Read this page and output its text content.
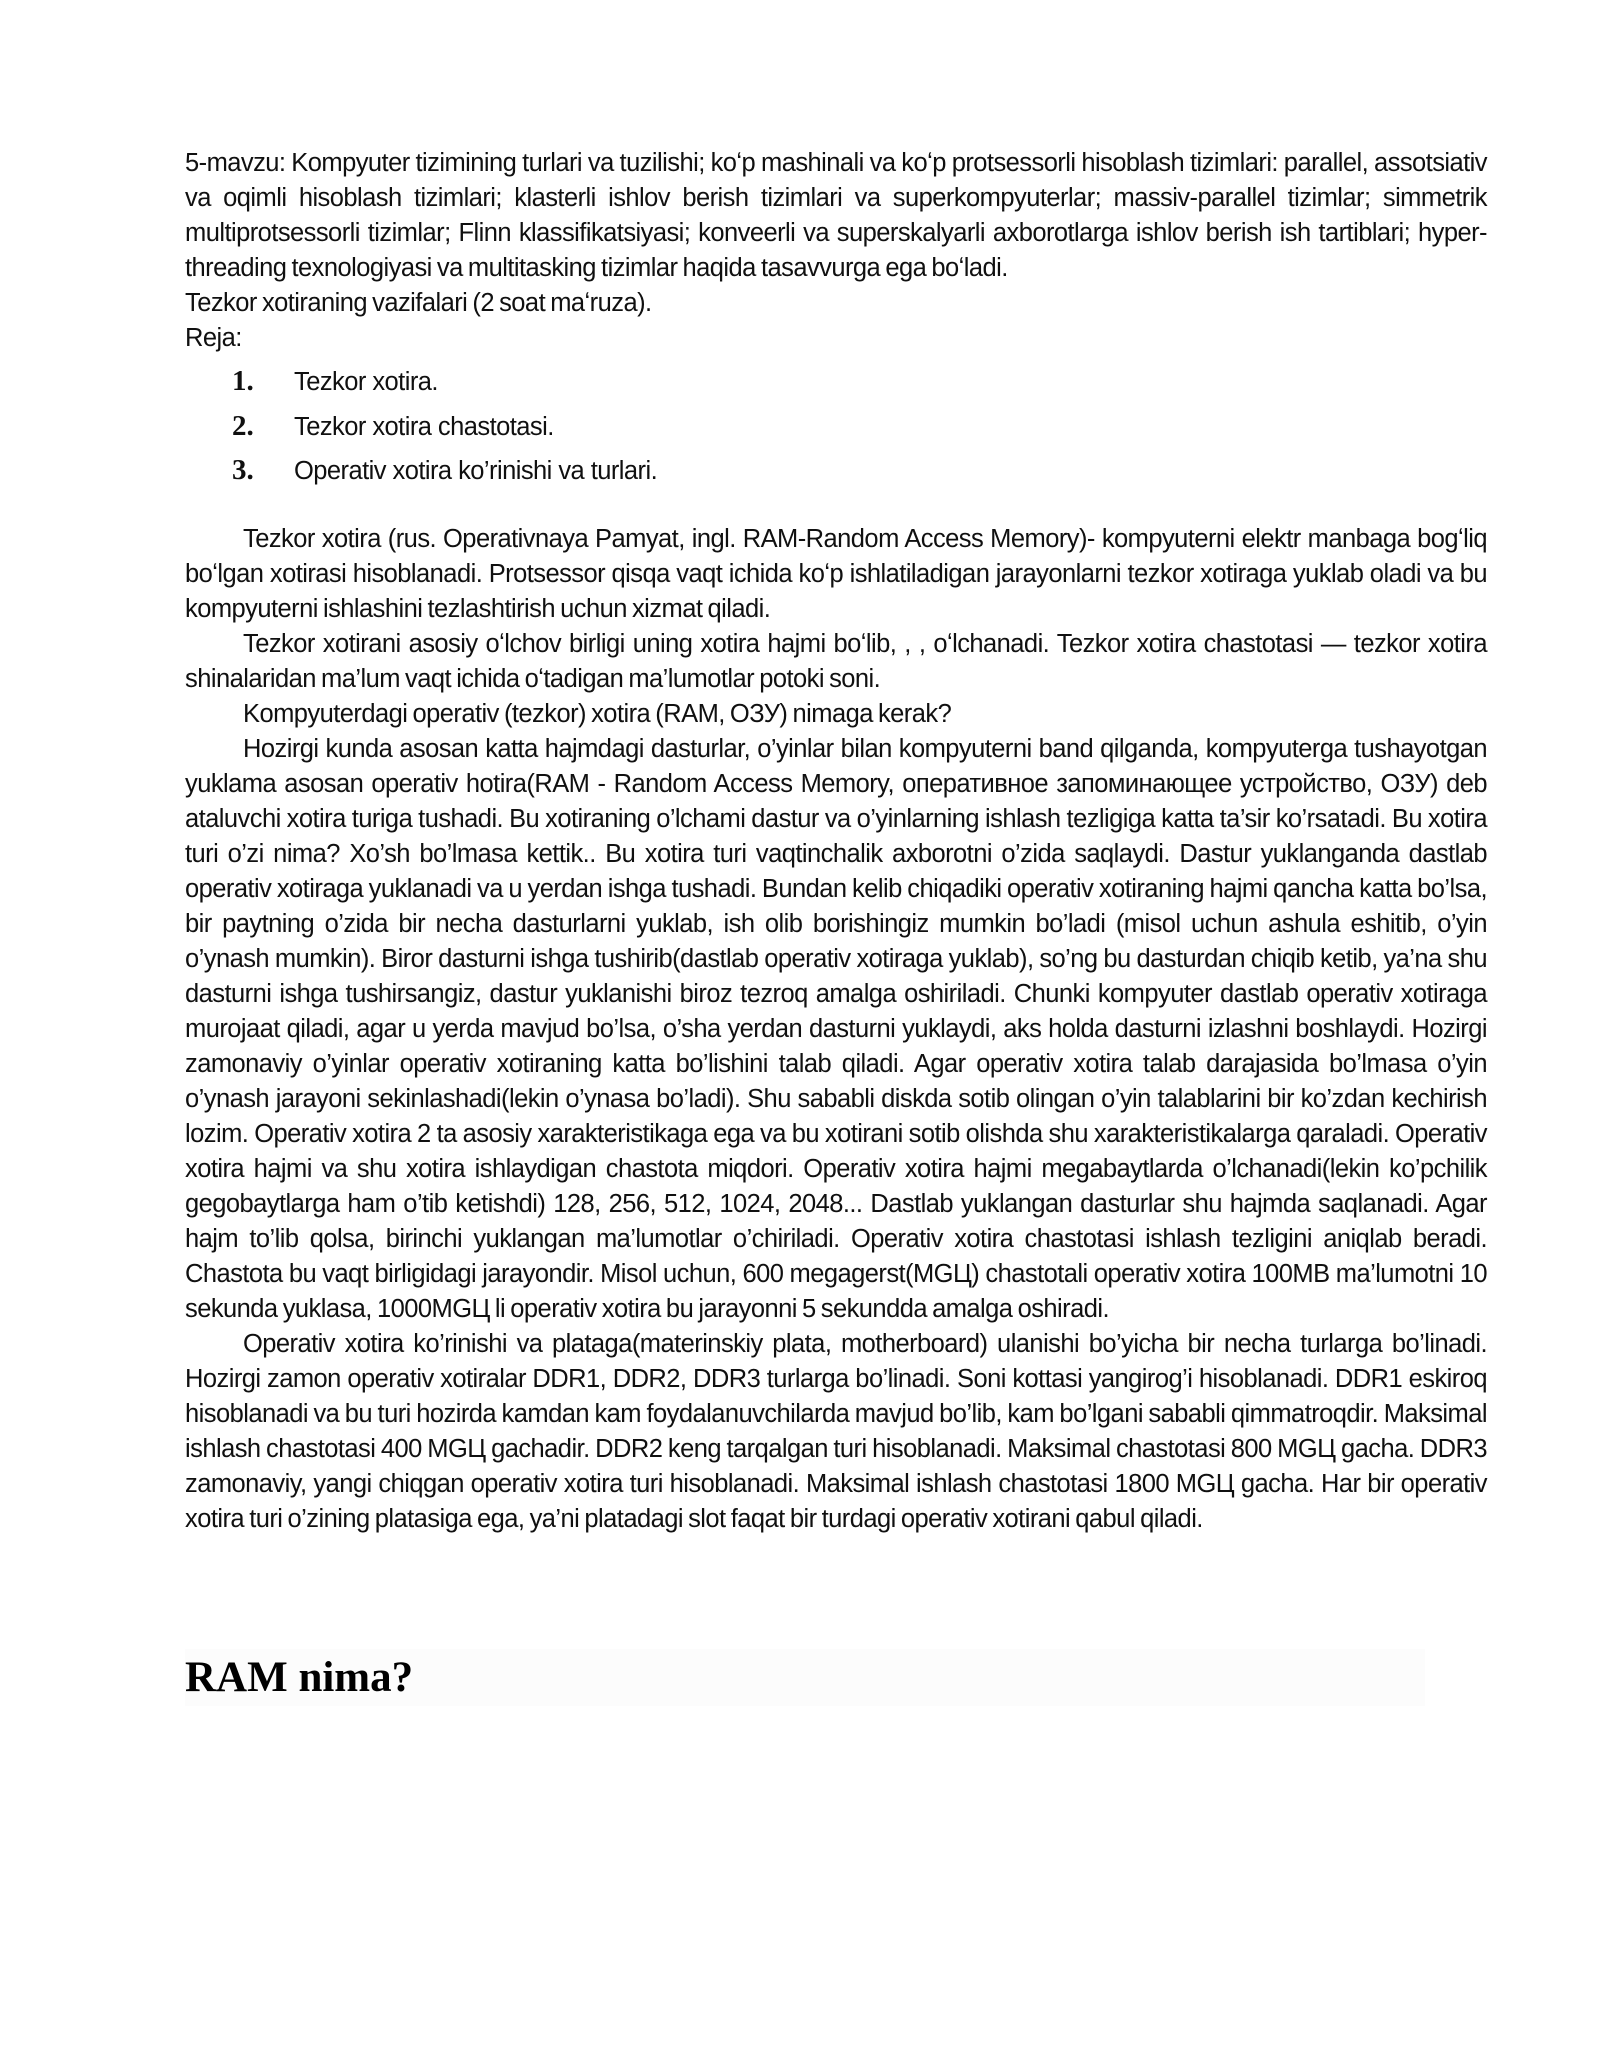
5-mavzu: Kompyuter tizimining turlari va tuzilishi; koʻp mashinali va koʻp protsessorli hisoblash tizimlari: parallel, assotsiativ va oqimli hisoblash tizimlari; klasterli ishlov berish tizimlari va superkompyuterlar; massiv-parallel tizimlar; simmetrik multiprotsessorli tizimlar; Flinn klassifikatsiyasi; konveerli va superskalyarli axborotlarga ishlov berish ish tartiblari; hyper-threading texnologiyasi va multitasking tizimlar haqida tasavvurga ega boʻladi.

Tezkor xotiraning vazifalari (2 soat maʻruza).

Reja:

1. Tezkor xotira.
2. Tezkor xotira chastotasi.
3. Operativ xotira ko’rinishi va turlari.

Tezkor xotira (rus. Operativnaya Pamyat, ingl. RAM-Random Access Memory)- kompyuterni elektr manbaga bogʻliq boʻlgan xotirasi hisoblanadi. Protsessor qisqa vaqt ichida koʻp ishlatiladigan jarayonlarni tezkor xotiraga yuklab oladi va bu kompyuterni ishlashini tezlashtirish uchun xizmat qiladi.

Tezkor xotirani asosiy oʻlchov birligi uning xotira hajmi boʻlib, , , oʻlchanadi. Tezkor xotira chastotasi — tezkor xotira shinalaridan ma’lum vaqt ichida oʻtadigan ma’lumotlar potoki soni.

Kompyuterdagi operativ (tezkor) xotira (RAM, ОЗУ) nimaga kerak?

Hozirgi kunda asosan katta hajmdagi dasturlar, o’yinlar bilan kompyuterni band qilganda, kompyuterga tushayotgan yuklama asosan operativ hotira(RAM - Random Access Memory, оперативное запоминающее устройство, ОЗУ) deb ataluvchi xotira turiga tushadi. Bu xotiraning o’lchami dastur va o’yinlarning ishlash tezligiga katta ta’sir ko’rsatadi. Bu xotira turi o’zi nima? Xo’sh bo’lmasa kettik.. Bu xotira turi vaqtinchalik axborotni o’zida saqlaydi. Dastur yuklanganda dastlab operativ xotiraga yuklanadi va u yerdan ishga tushadi. Bundan kelib chiqadiki operativ xotiraning hajmi qancha katta bo’lsa, bir paytning o’zida bir necha dasturlarni yuklab, ish olib borishingiz mumkin bo’ladi (misol uchun ashula eshitib, o’yin o’ynash mumkin). Biror dasturni ishga tushirib(dastlab operativ xotiraga yuklab), so’ng bu dasturdan chiqib ketib, ya’na shu dasturni ishga tushirsangiz, dastur yuklanishi biroz tezroq amalga oshiriladi. Chunki kompyuter dastlab operativ xotiraga murojaat qiladi, agar u yerda mavjud bo’lsa, o’sha yerdan dasturni yuklaydi, aks holda dasturni izlashni boshlaydi. Hozirgi zamonaviy o’yinlar operativ xotiraning katta bo’lishini talab qiladi. Agar operativ xotira talab darajasida bo’lmasa o’yin o’ynash jarayoni sekinlashadi(lekin o’ynasa bo’ladi). Shu sababli diskda sotib olingan o’yin talablarini bir ko’zdan kechirish lozim. Operativ xotira 2 ta asosiy xarakteristikaga ega va bu xotirani sotib olishda shu xarakteristikalarga qaraladi. Operativ xotira hajmi va shu xotira ishlaydigan chastota miqdori. Operativ xotira hajmi megabaytlarda o’lchanadi(lekin ko’pchilik gegobaytlarga ham o’tib ketishdi) 128, 256, 512, 1024, 2048... Dastlab yuklangan dasturlar shu hajmda saqlanadi. Agar hajm to’lib qolsa, birinchi yuklangan ma’lumotlar o’chiriladi. Operativ xotira chastotasi ishlash tezligini aniqlab beradi. Chastota bu vaqt birligidagi jarayondir. Misol uchun, 600 megagerst(MGЦ) chastotali operativ xotira 100MB ma’lumotni 10 sekunda yuklasa, 1000MGЦ li operativ xotira bu jarayonni 5 sekundda amalga oshiradi.

Operativ xotira ko’rinishi va plataga(materinskiy plata, motherboard) ulanishi bo’yicha bir necha turlarga bo’linadi. Hozirgi zamon operativ xotiralar DDR1, DDR2, DDR3 turlarga bo’linadi. Soni kottasi yangirog’i hisoblanadi. DDR1 eskiroq hisoblanadi va bu turi hozirda kamdan kam foydalanuvchilarda mavjud bo’lib, kam bo’lgani sababli qimmatroqdir. Maksimal ishlash chastotasi 400 MGЦ gachadir. DDR2 keng tarqalgan turi hisoblanadi. Maksimal chastotasi 800 MGЦ gacha. DDR3 zamonaviy, yangi chiqgan operativ xotira turi hisoblanadi. Maksimal ishlash chastotasi 1800 MGЦ gacha. Har bir operativ xotira turi o’zining platasiga ega, ya’ni platadagi slot faqat bir turdagi operativ xotirani qabul qiladi.

RAM nima?
